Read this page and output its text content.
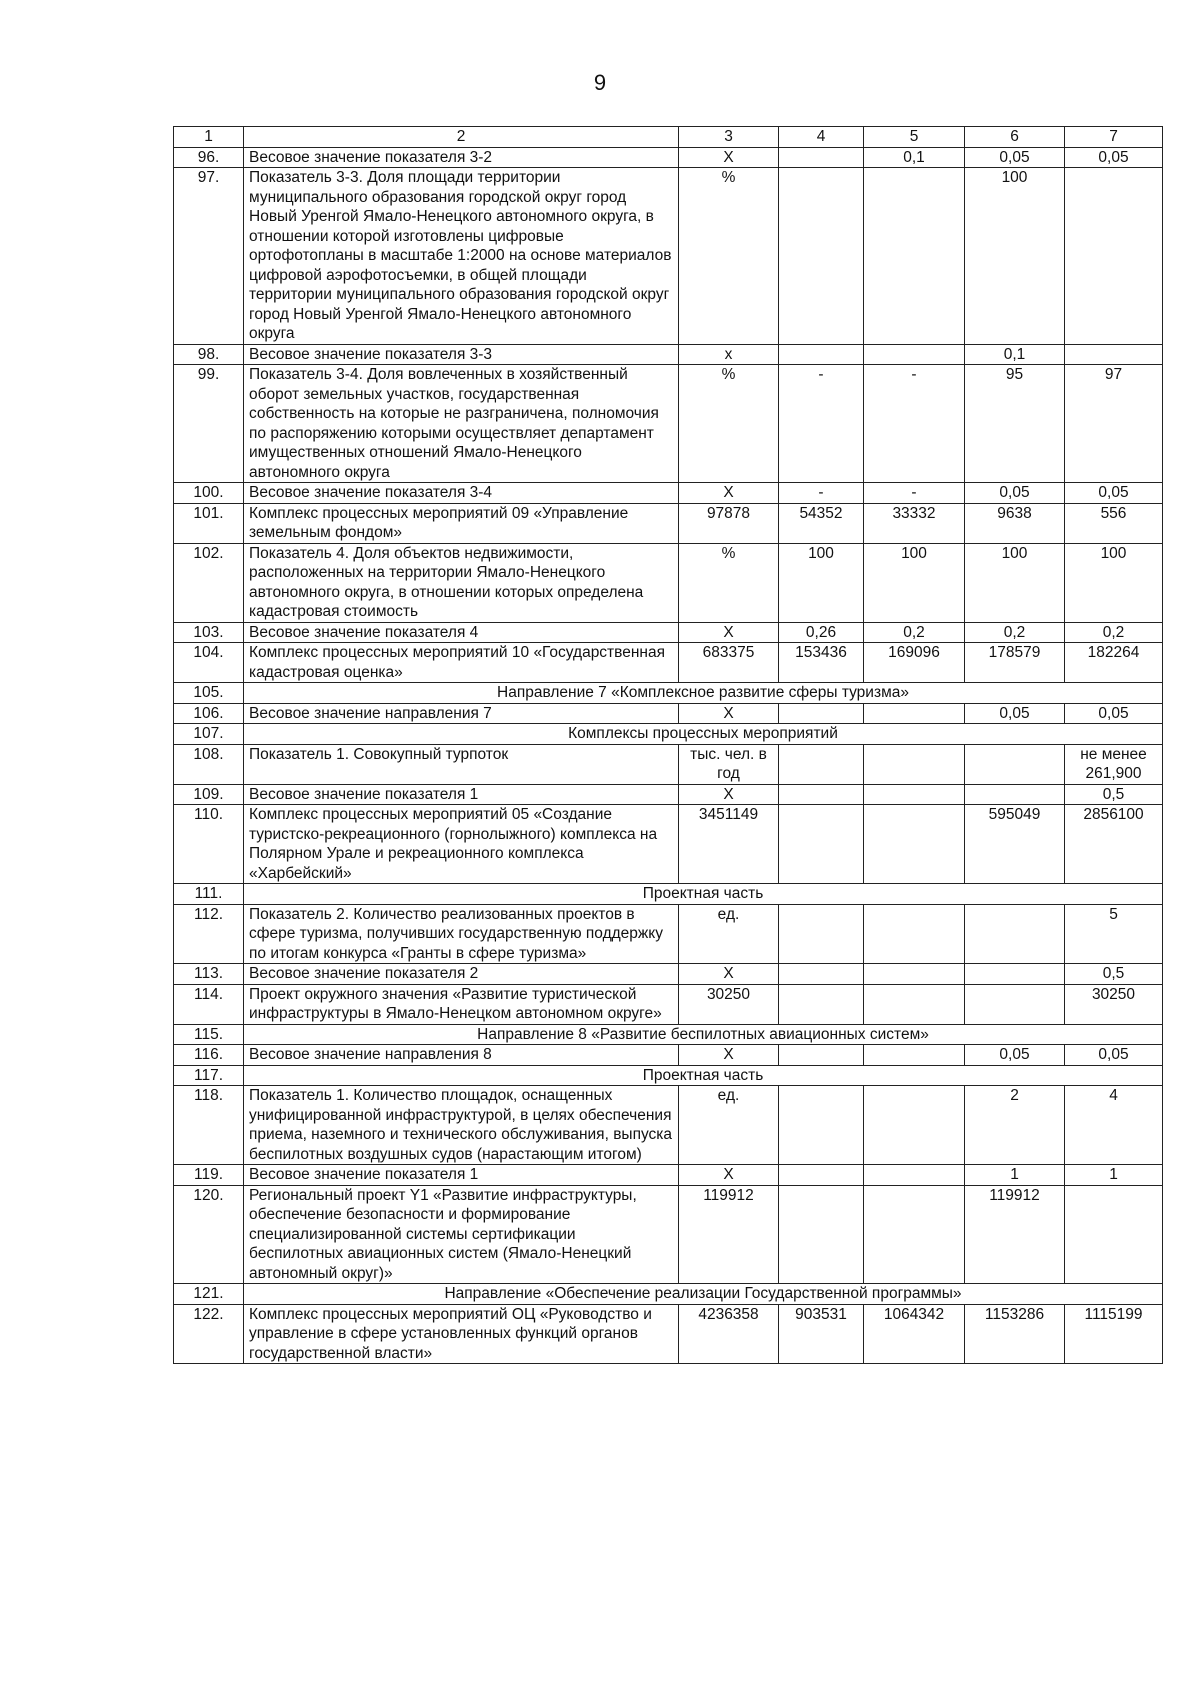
9
1	2	3	4	5	6	7
96.	Весовое значение показателя 3-2	Х		0,1	0,05	0,05
97.	Показатель 3-3. Доля площади территории муниципального образования городской округ город Новый Уренгой Ямало-Ненецкого автономного округа, в отношении которой изготовлены цифровые ортофотопланы в масштабе 1:2000 на основе материалов цифровой аэрофотосъемки, в общей площади территории муниципального образования городской округ город Новый Уренгой Ямало-Ненецкого автономного округа	%			100	
98.	Весовое значение показателя 3-3	х			0,1	
99.	Показатель 3-4. Доля вовлеченных в хозяйственный оборот земельных участков, государственная собственность на которые не разграничена, полномочия по распоряжению которыми осуществляет департамент имущественных отношений Ямало-Ненецкого автономного округа	%	-	-	95	97
100.	Весовое значение показателя 3-4	Х	-	-	0,05	0,05
101.	Комплекс процессных мероприятий 09 «Управление земельным фондом»	97878	54352	33332	9638	556
102.	Показатель 4. Доля объектов недвижимости, расположенных на территории Ямало-Ненецкого автономного округа, в отношении которых определена кадастровая стоимость	%	100	100	100	100
103.	Весовое значение показателя 4	Х	0,26	0,2	0,2	0,2
104.	Комплекс процессных мероприятий 10 «Государственная кадастровая оценка»	683375	153436	169096	178579	182264
105.	Направление 7 «Комплексное развитие сферы туризма»					
106.	Весовое значение направления 7	Х			0,05	0,05
107.	Комплексы процессных мероприятий					
108.	Показатель 1. Совокупный турпоток	тыс. чел. в год				не менее 261,900
109.	Весовое значение показателя 1	Х				0,5
110.	Комплекс процессных мероприятий 05 «Создание туристско-рекреационного (горнолыжного) комплекса на Полярном Урале и рекреационного комплекса «Харбейский»	3451149			595049	2856100
111.	Проектная часть					
112.	Показатель 2. Количество реализованных проектов в сфере туризма, получивших государственную поддержку по итогам конкурса «Гранты в сфере туризма»	ед.				5
113.	Весовое значение показателя 2	Х				0,5
114.	Проект окружного значения «Развитие туристической инфраструктуры в Ямало-Ненецком автономном округе»	30250				30250
115.	Направление 8 «Развитие беспилотных авиационных систем»					
116.	Весовое значение направления 8	Х			0,05	0,05
117.	Проектная часть					
118.	Показатель 1. Количество площадок, оснащенных унифицированной инфраструктурой, в целях обеспечения приема, наземного и технического обслуживания, выпуска беспилотных воздушных судов (нарастающим итогом)	ед.			2	4
119.	Весовое значение показателя 1	Х			1	1
120.	Региональный проект Y1 «Развитие инфраструктуры, обеспечение безопасности и формирование специализированной системы сертификации беспилотных авиационных систем (Ямало-Ненецкий автономный округ)»	119912			119912	
121.	Направление «Обеспечение реализации Государственной программы»					
122.	Комплекс процессных мероприятий ОЦ «Руководство и управление в сфере установленных функций органов государственной власти»	4236358	903531	1064342	1153286	1115199
